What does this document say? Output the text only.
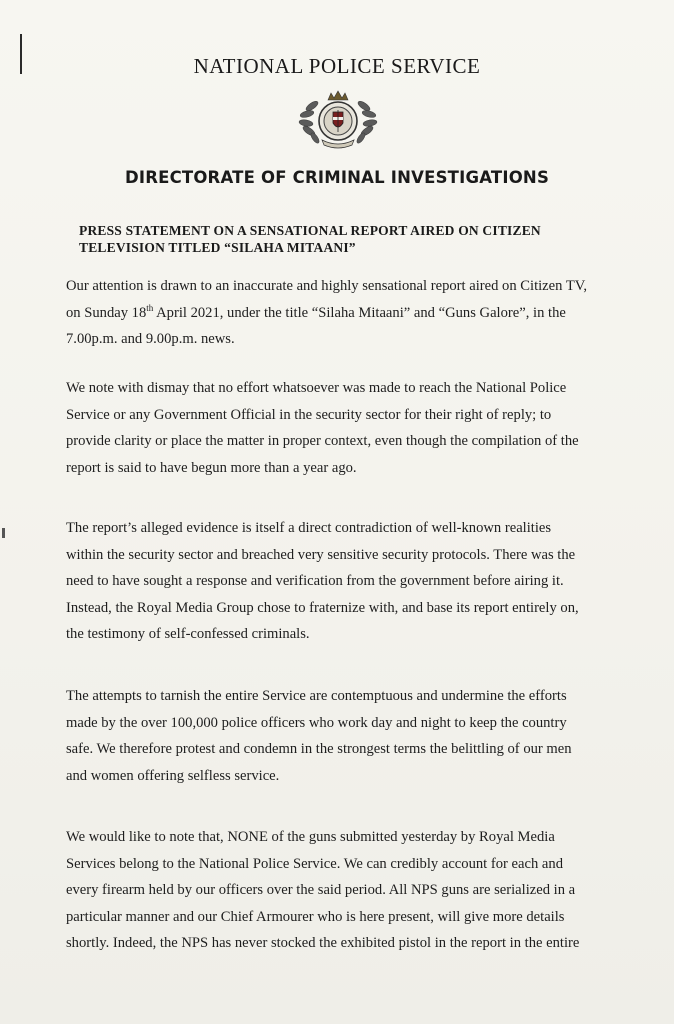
NATIONAL POLICE SERVICE
DIRECTORATE OF CRIMINAL INVESTIGATIONS
PRESS STATEMENT ON A SENSATIONAL REPORT AIRED ON CITIZEN
TELEVISION TITLED “SILAHA MITAANI”
Our attention is drawn to an inaccurate and highly sensational report aired on Citizen TV,
on Sunday 18th April 2021, under the title “Silaha Mitaani” and “Guns Galore”, in the
7.00p.m. and 9.00p.m. news.
We note with dismay that no effort whatsoever was made to reach the National Police
Service or any Government Official in the security sector for their right of reply; to
provide clarity or place the matter in proper context, even though the compilation of the
report is said to have begun more than a year ago.
The report’s alleged evidence is itself a direct contradiction of well-known realities
within the security sector and breached very sensitive security protocols. There was the
need to have sought a response and verification from the government before airing it.
Instead, the Royal Media Group chose to fraternize with, and base its report entirely on,
the testimony of self-confessed criminals.
The attempts to tarnish the entire Service are contemptuous and undermine the efforts
made by the over 100,000 police officers who work day and night to keep the country
safe. We therefore protest and condemn in the strongest terms the belittling of our men
and women offering selfless service.
We would like to note that, NONE of the guns submitted yesterday by Royal Media
Services belong to the National Police Service. We can credibly account for each and
every firearm held by our officers over the said period. All NPS guns are serialized in a
particular manner and our Chief Armourer who is here present, will give more details
shortly. Indeed, the NPS has never stocked the exhibited pistol in the report in the entire
